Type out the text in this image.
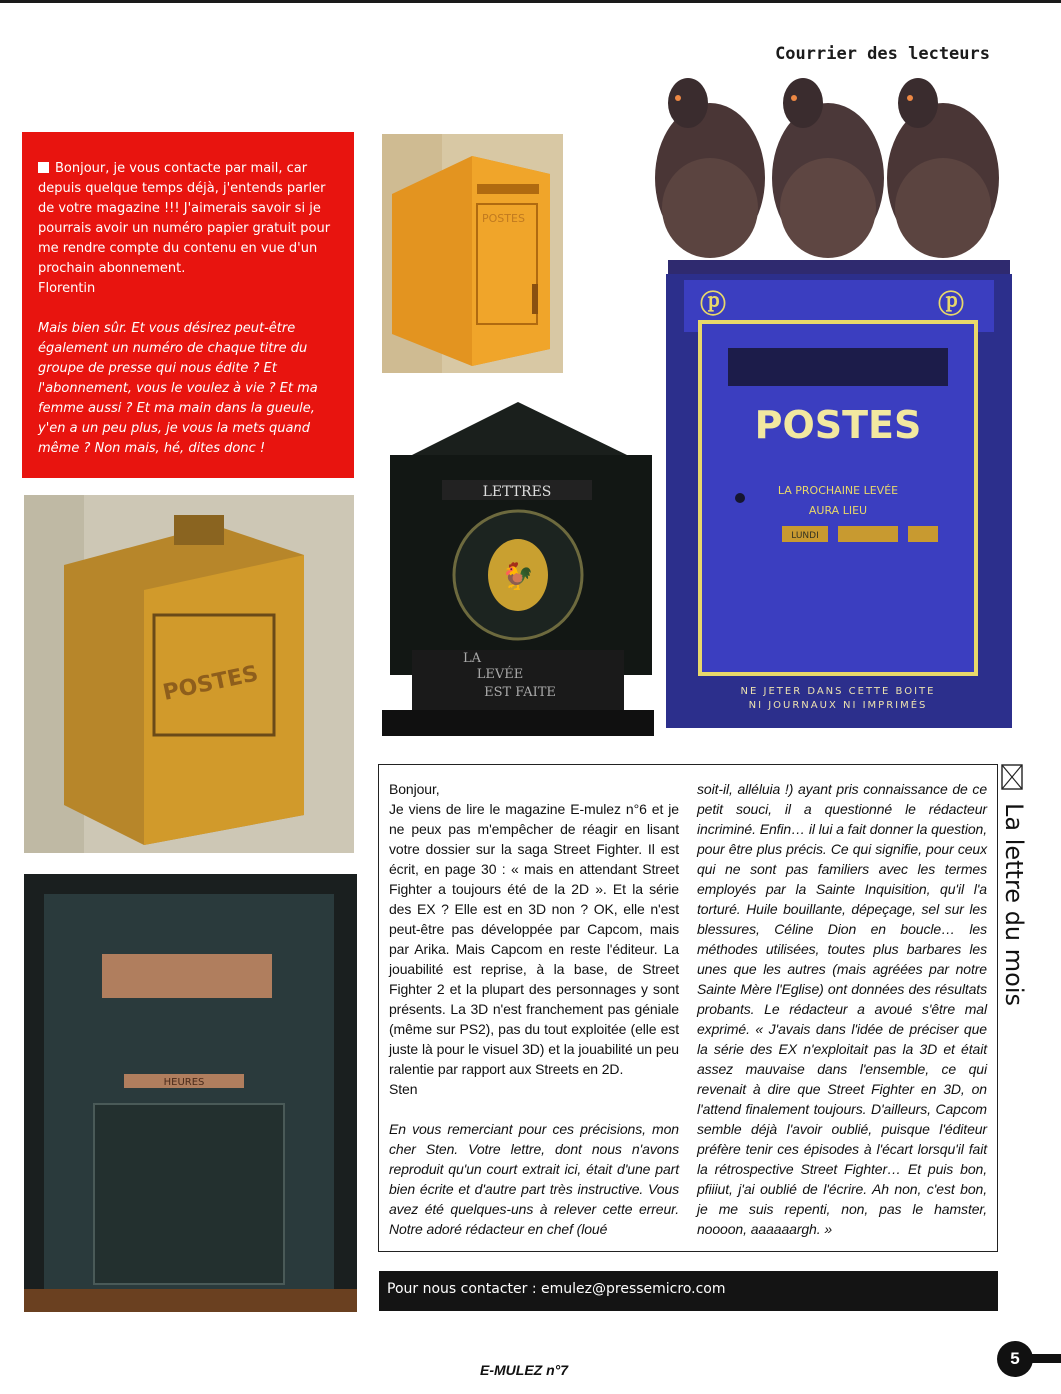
Courrier des lecteurs

Bonjour, je vous contacte par mail, car depuis quelque temps déjà, j'entends parler de votre magazine !!! J'aimerais savoir si je pourrais avoir un numéro papier gratuit pour me rendre compte du contenu en vue d'un prochain abonnement.

Florentin

Mais bien sûr. Et vous désirez peut-être également un numéro de chaque titre du groupe de presse qui nous édite ? Et l'abonnement, vous le voulez à vie ? Et ma femme aussi ? Et ma main dans la gueule, y'en a un peu plus, je vous la mets quand même ? Non mais, hé, dites donc !

POSTES
ⓟ	ⓟ
POSTES
LA PROCHAINE LEVÉE
AURA LIEU
LUNDI
NE JETER DANS CETTE BOITE
NI JOURNAUX NI IMPRIMÉS
LETTRES
🐓
LA
LEVÉE
EST FAITE
POSTES
HEURES

Bonjour,

Je viens de lire le magazine E-mulez n°6 et je ne peux pas m'empêcher de réagir en lisant votre dossier sur la saga Street Fighter. Il est écrit, en page 30 : « mais en attendant Street Fighter a toujours été de la 2D ». Et la série des EX ? Elle est en 3D non ? OK, elle n'est peut-être pas développée par Capcom, mais par Arika. Mais Capcom en reste l'éditeur. La jouabilité est reprise, à la base, de Street Fighter 2 et la plupart des personnages y sont présents. La 3D n'est franchement pas géniale (même sur PS2), pas du tout exploitée (elle est juste là pour le visuel 3D) et la jouabilité un peu ralentie par rapport aux Streets en 2D.

Sten

En vous remerciant pour ces précisions, mon cher Sten. Votre lettre, dont nous n'avons reproduit qu'un court extrait ici, était d'une part bien écrite et d'autre part très instructive. Vous avez été quelques-uns à relever cette erreur. Notre adoré rédacteur en chef (loué

soit-il, alléluia !) ayant pris connaissance de ce petit souci, il a questionné le rédacteur incriminé. Enfin… il lui a fait donner la question, pour être plus précis. Ce qui signifie, pour ceux qui ne sont pas familiers avec les termes employés par la Sainte Inquisition, qu'il l'a torturé. Huile bouillante, dépeçage, sel sur les blessures, Céline Dion en boucle… les méthodes utilisées, toutes plus barbares les unes que les autres (mais agréées par notre Sainte Mère l'Eglise) ont données des résultats probants. Le rédacteur a avoué s'être mal exprimé. « J'avais dans l'idée de préciser que la série des EX n'exploitait pas la 3D et était assez mauvaise dans l'ensemble, ce qui revenait à dire que Street Fighter en 3D, on l'attend finalement toujours. D'ailleurs, Capcom semble déjà l'avoir oublié, puisque l'éditeur préfère tenir ces épisodes à l'écart lorsqu'il fait la rétrospective Street Fighter… Et puis bon, pfiiiut, j'ai oublié de l'écrire. Ah non, c'est bon, je me suis repenti, non, pas le hamster, noooon, aaaaaargh. »

La lettre du mois
Pour nous contacter : emulez@pressemicro.com
E-MULEZ n°7
5
